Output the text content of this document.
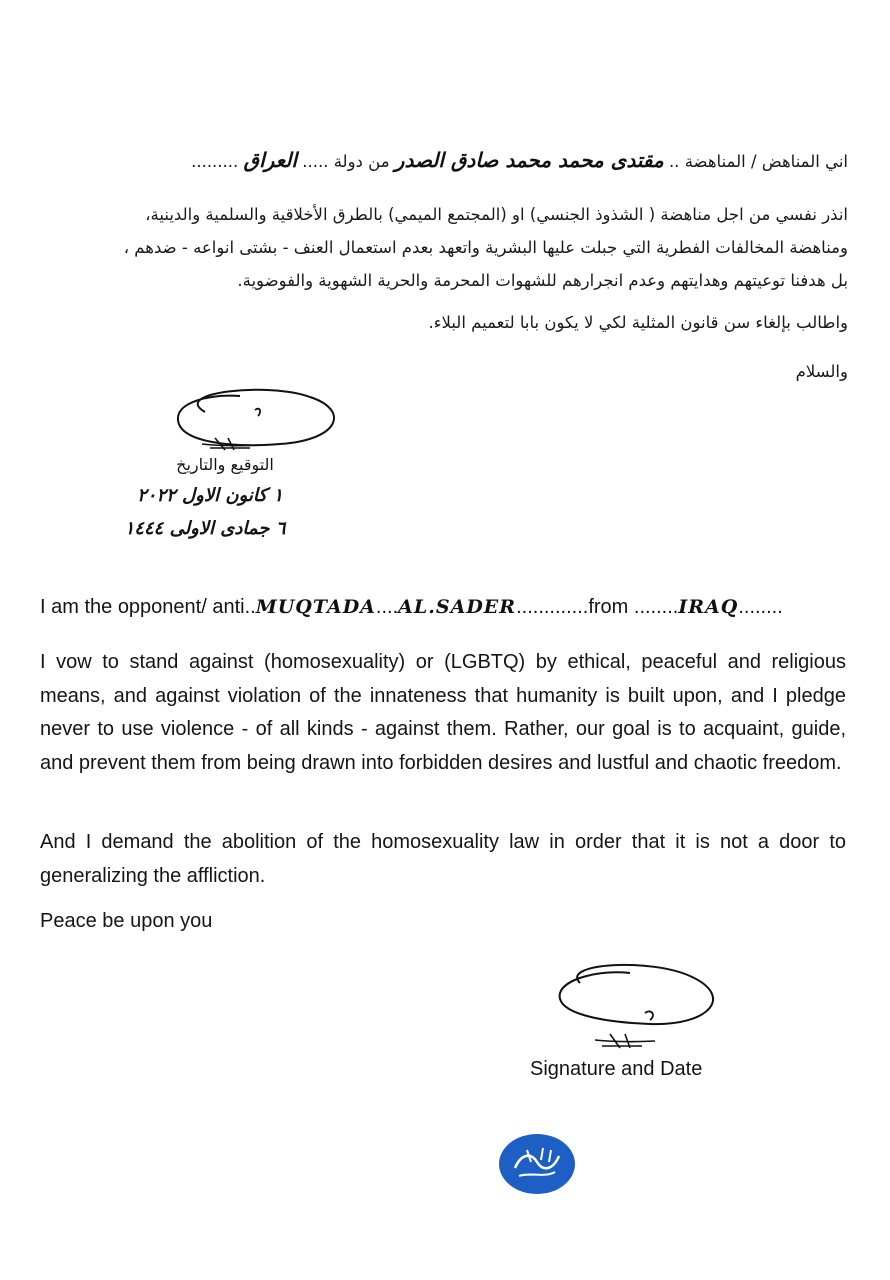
اني المناهض / المناهضة .. مقتدى محمد محمد صادق الصدر من دولة ..... العراق .........
انذر نفسي من اجل مناهضة ( الشذوذ الجنسي) او (المجتمع الميمي) بالطرق الأخلاقية والسلمية والدينية،
ومناهضة المخالفات الفطرية التي جبلت عليها البشرية واتعهد بعدم استعمال العنف - بشتى انواعه - ضدهم ،
بل هدفنا توعيتهم وهدايتهم وعدم انجرارهم للشهوات المحرمة والحرية الشهوية والفوضوية.
واطالب بإلغاء سن قانون المثلية لكي لا يكون بابا لتعميم البلاء.
والسلام
التوقيع والتاريخ
١ كانون الاول ٢٠٢٢
٦ جمادى الاولى ١٤٤٤
I am the opponent/ anti..MUQTADA....AL.SADER.............from ........IRAQ........
I vow to stand against (homosexuality) or (LGBTQ) by ethical, peaceful and religious means, and against violation of the innateness that humanity is built upon, and I pledge never to use violence - of all kinds - against them. Rather, our goal is to acquaint, guide, and prevent them from being drawn into forbidden desires and lustful and chaotic freedom.
And I demand the abolition of the homosexuality law in order that it is not a door to generalizing the affliction.
Peace be upon you
Signature and Date
